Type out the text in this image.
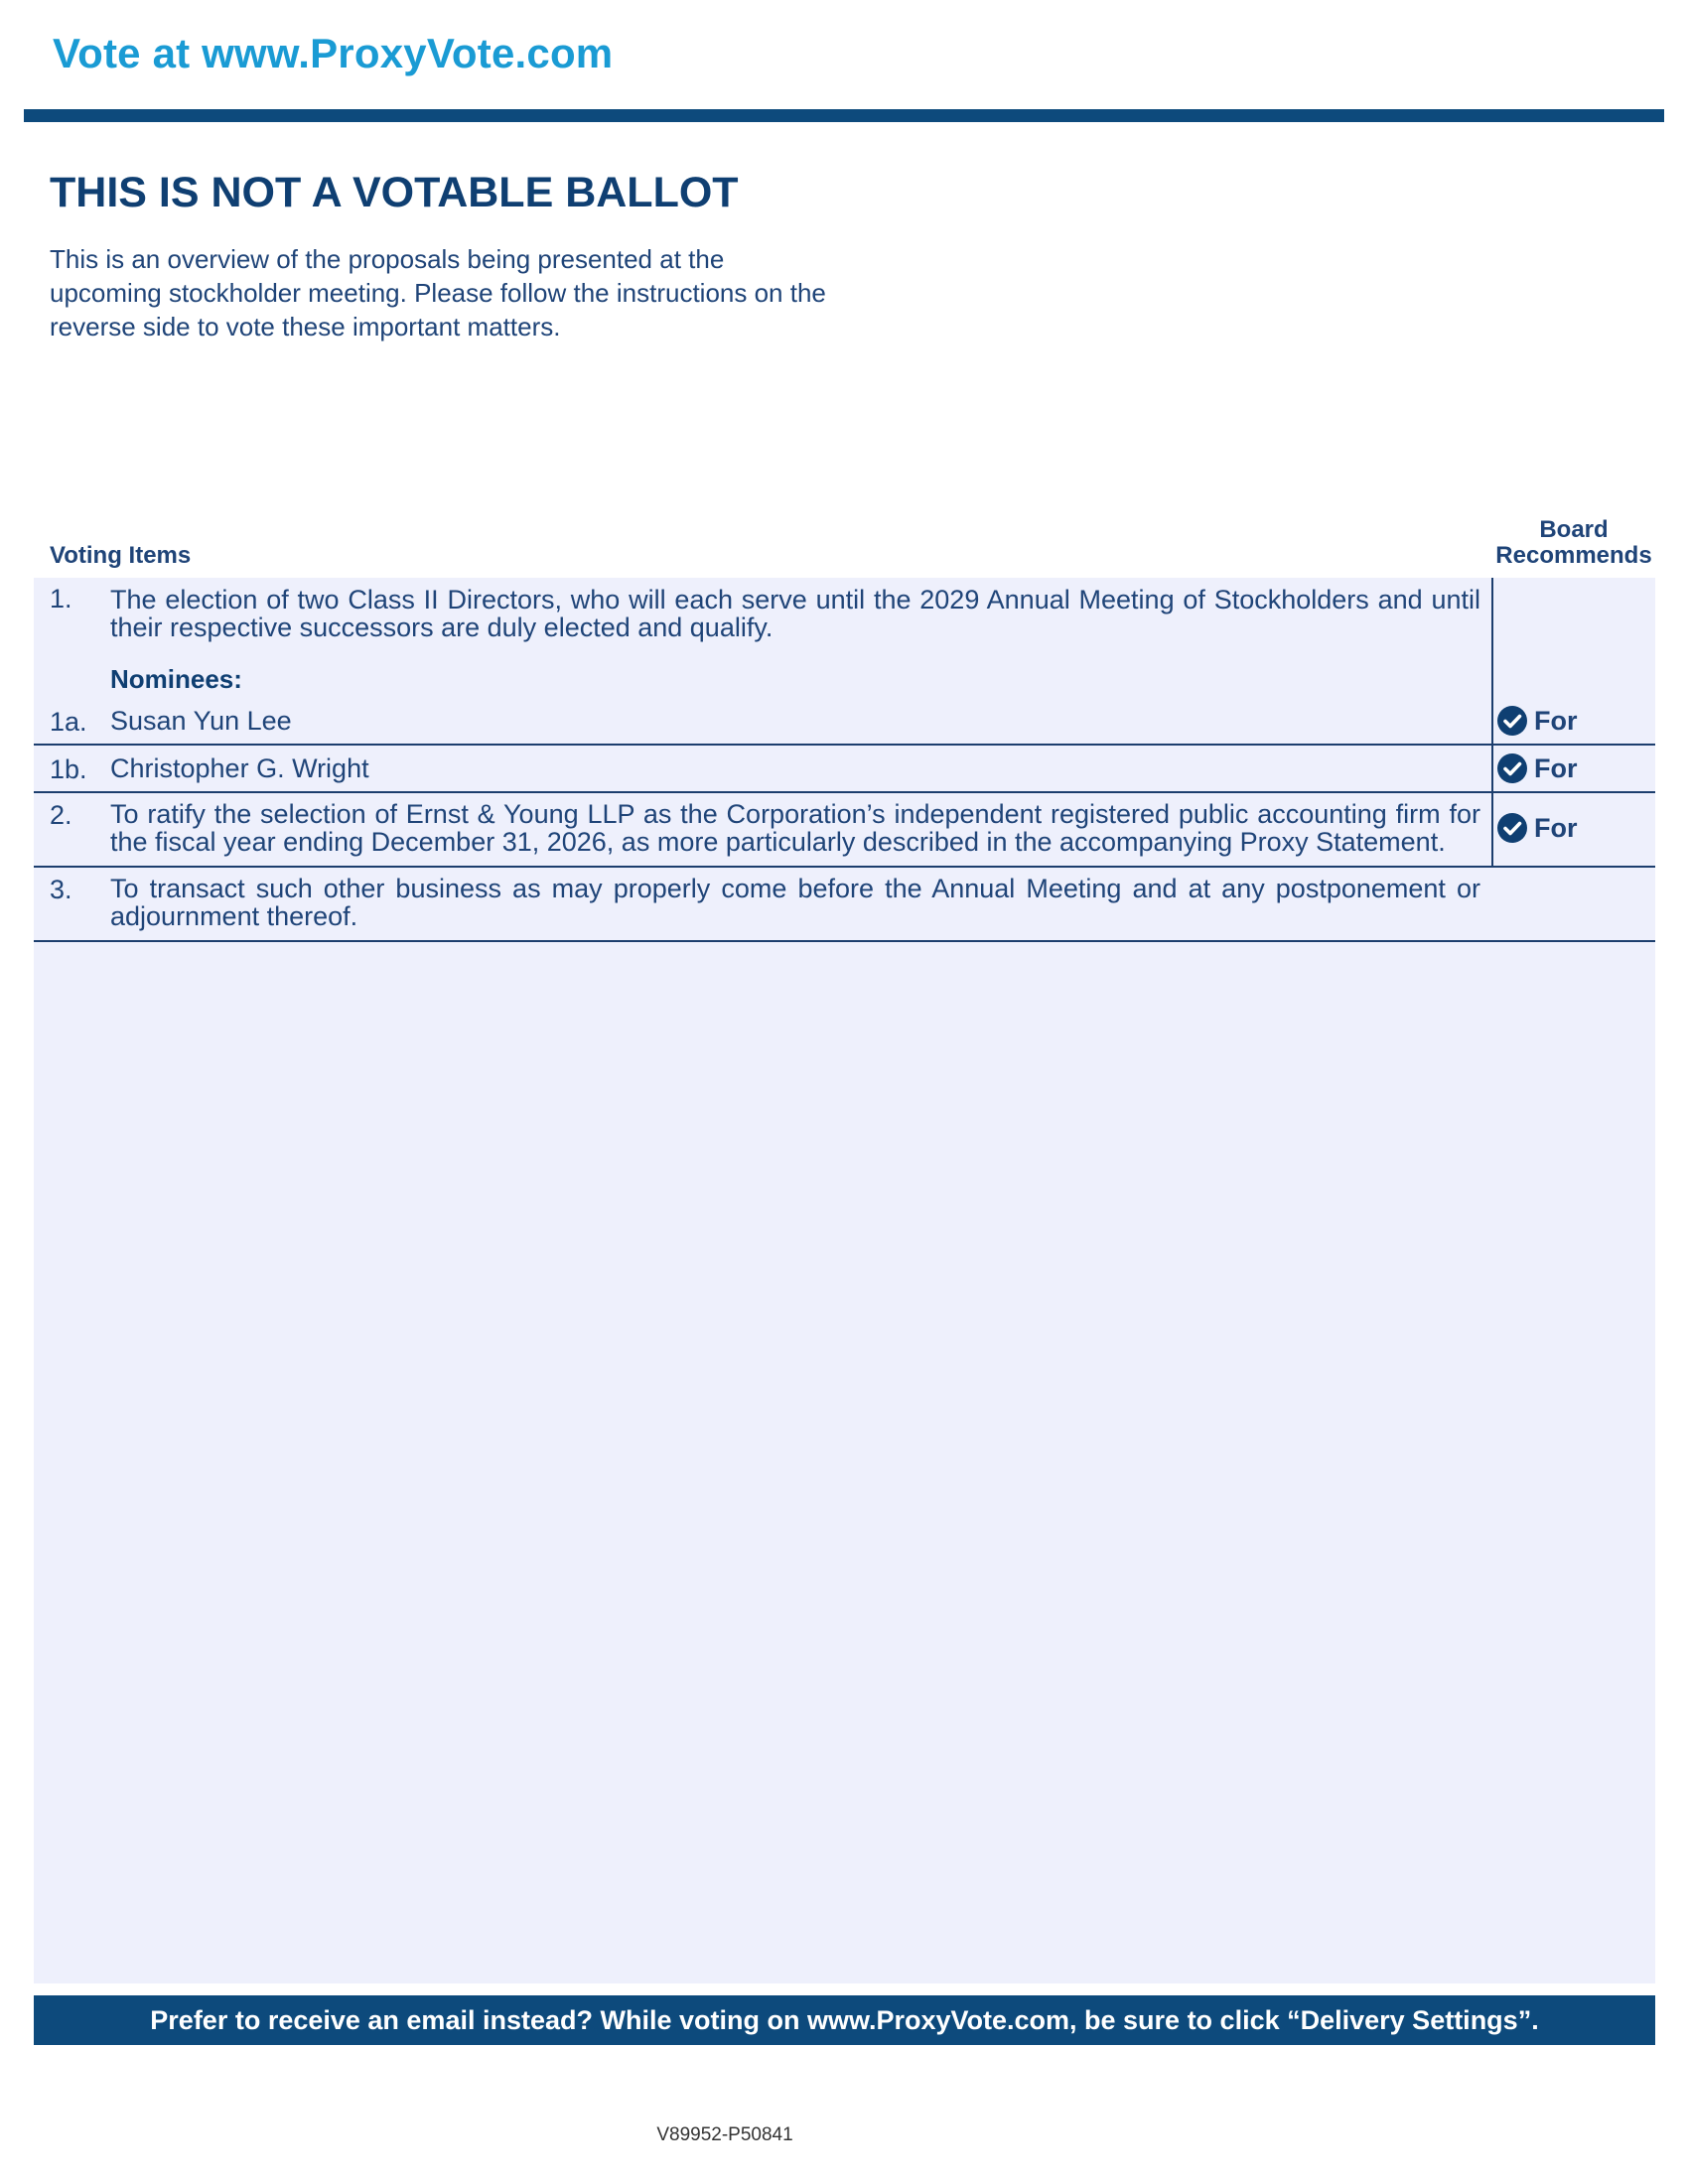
Vote at www.ProxyVote.com
THIS IS NOT A VOTABLE BALLOT
This is an overview of the proposals being presented at the upcoming stockholder meeting. Please follow the instructions on the reverse side to vote these important matters.
Voting Items
Board
Recommends
1. The election of two Class II Directors, who will each serve until the 2029 Annual Meeting of Stockholders and until their respective successors are duly elected and qualify.
Nominees:
1a. Susan Yun Lee	For
1b. Christopher G. Wright	For
2. To ratify the selection of Ernst & Young LLP as the Corporation’s independent registered public accounting firm for the fiscal year ending December 31, 2026, as more particularly described in the accompanying Proxy Statement.	For
3. To transact such other business as may properly come before the Annual Meeting and at any postponement or adjournment thereof.
Prefer to receive an email instead? While voting on www.ProxyVote.com, be sure to click “Delivery Settings”.
V89952-P50841
